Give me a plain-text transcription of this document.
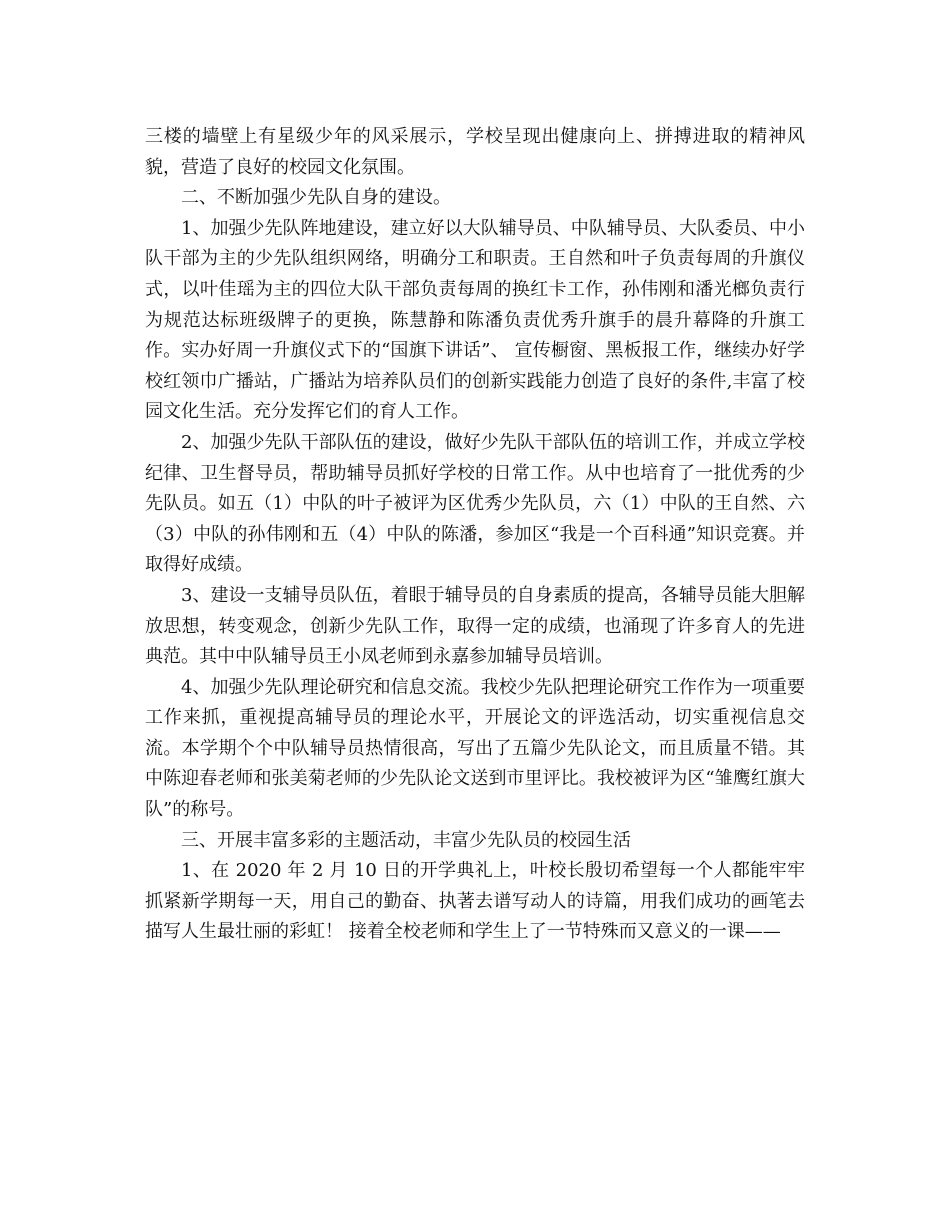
三楼的墙壁上有星级少年的风采展示，学校呈现出健康向上、拼搏进取的精神风貌，营造了良好的校园文化氛围。

二、不断加强少先队自身的建设。

1、加强少先队阵地建设，建立好以大队辅导员、中队辅导员、大队委员、中小队干部为主的少先队组织网络，明确分工和职责。王自然和叶子负责每周的升旗仪式，以叶佳瑶为主的四位大队干部负责每周的换红卡工作，孙伟刚和潘光榔负责行为规范达标班级牌子的更换，陈慧静和陈潘负责优秀升旗手的晨升幕降的升旗工作。实办好周一升旗仪式下的“国旗下讲话”、 宣传橱窗、黑板报工作，继续办好学校红领巾广播站，广播站为培养队员们的创新实践能力创造了良好的条件,丰富了校园文化生活。充分发挥它们的育人工作。

2、加强少先队干部队伍的建设，做好少先队干部队伍的培训工作，并成立学校纪律、卫生督导员，帮助辅导员抓好学校的日常工作。从中也培育了一批优秀的少先队员。如五（1）中队的叶子被评为区优秀少先队员，六（1）中队的王自然、六（3）中队的孙伟刚和五（4）中队的陈潘，参加区“我是一个百科通”知识竞赛。并取得好成绩。

3、建设一支辅导员队伍，着眼于辅导员的自身素质的提高，各辅导员能大胆解放思想，转变观念，创新少先队工作，取得一定的成绩，也涌现了许多育人的先进典范。其中中队辅导员王小凤老师到永嘉参加辅导员培训。

4、加强少先队理论研究和信息交流。我校少先队把理论研究工作作为一项重要工作来抓，重视提高辅导员的理论水平，开展论文的评选活动，切实重视信息交流。本学期个个中队辅导员热情很高，写出了五篇少先队论文，而且质量不错。其中陈迎春老师和张美菊老师的少先队论文送到市里评比。我校被评为区“雏鹰红旗大队”的称号。

三、开展丰富多彩的主题活动，丰富少先队员的校园生活

1、在 2020 年 2 月 10 日的开学典礼上，叶校长殷切希望每一个人都能牢牢抓紧新学期每一天，用自己的勤奋、执著去谱写动人的诗篇，用我们成功的画笔去描写人生最壮丽的彩虹！ 接着全校老师和学生上了一节特殊而又意义的一课——
